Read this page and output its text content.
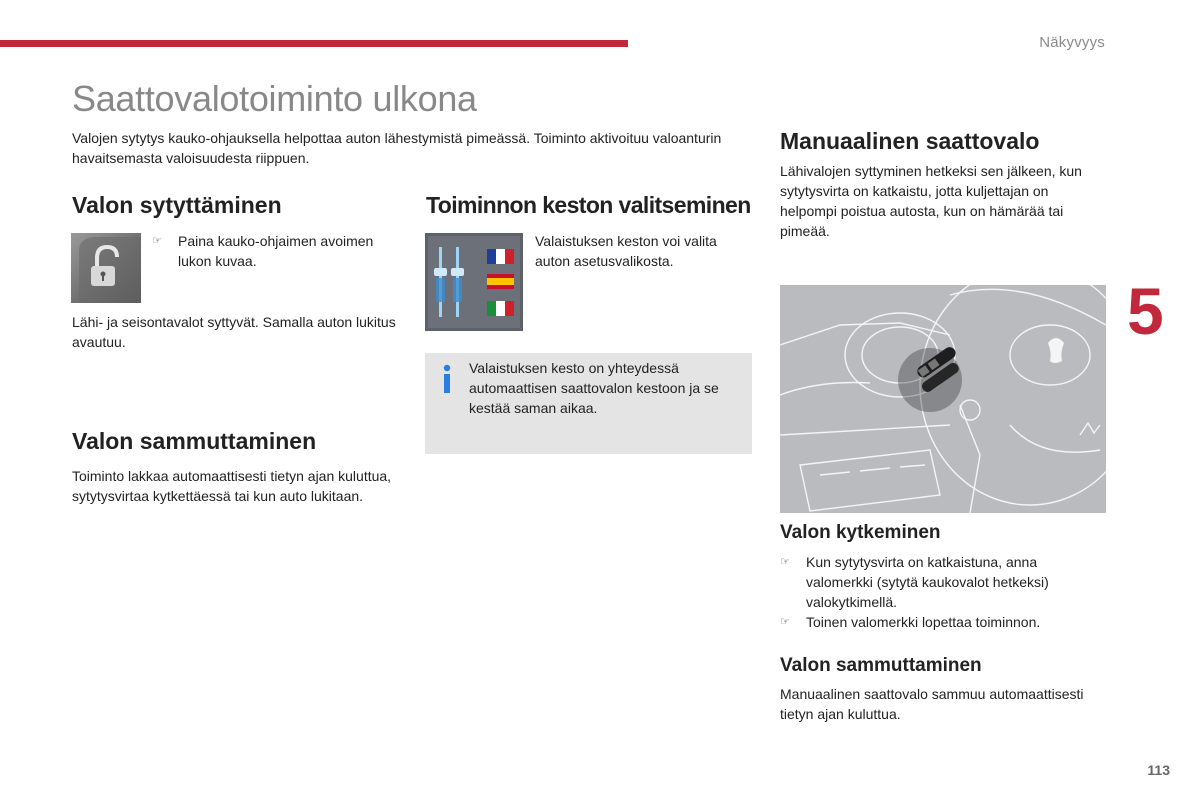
Näkyvyys
5
113
Saattovalotoiminto ulkona

Valojen sytytys kauko-ohjauksella helpottaa auton lähestymistä pimeässä. Toiminto aktivoituu valoanturin havaitsemasta valoisuudesta riippuen.

Valon sytyttäminen
☞ Paina kauko-ohjaimen avoimen lukon kuvaa.

Lähi- ja seisontavalot syttyvät. Samalla auton lukitus avautuu.

Valon sammuttaminen

Toiminto lakkaa automaattisesti tietyn ajan kuluttua, sytytysvirtaa kytkettäessä tai kun auto lukitaan.

Toiminnon keston valitseminen

Valaistuksen keston voi valita auton asetusvalikosta.

Valaistuksen kesto on yhteydessä automaattisen saattovalon kestoon ja se kestää saman aikaa.

Manuaalinen saattovalo

Lähivalojen syttyminen hetkeksi sen jälkeen, kun sytytysvirta on katkaistu, jotta kuljettajan on helpompi poistua autosta, kun on hämärää tai pimeää.

Valon kytkeminen
☞ Kun sytytysvirta on katkaistuna, anna valomerkki (sytytä kaukovalot hetkeksi) valokytkimellä.
☞ Toinen valomerkki lopettaa toiminnon.
Valon sammuttaminen

Manuaalinen saattovalo sammuu automaattisesti tietyn ajan kuluttua.
